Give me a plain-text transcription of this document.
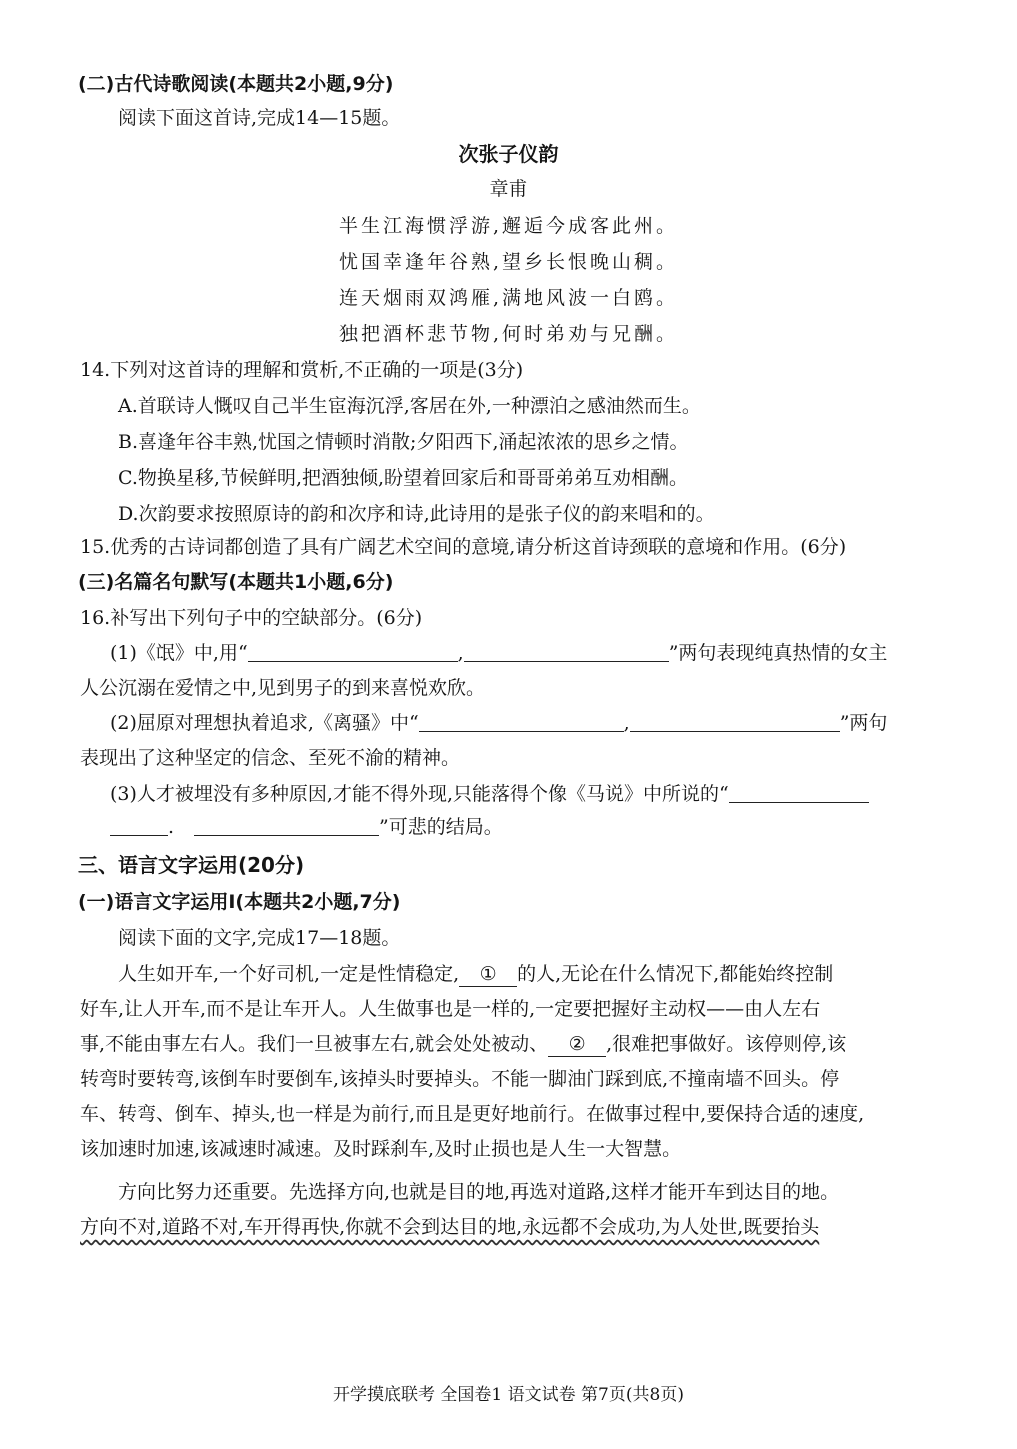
(二)古代诗歌阅读(本题共2小题,9分)
阅读下面这首诗,完成14—15题。
次张子仪韵
章甫
半生江海惯浮游,邂逅今成客此州。
忧国幸逢年谷熟,望乡长恨晚山稠。
连天烟雨双鸿雁,满地风波一白鸥。
独把酒杯悲节物,何时弟劝与兄酬。
14.下列对这首诗的理解和赏析,不正确的一项是(3分)
A.首联诗人慨叹自己半生宦海沉浮,客居在外,一种漂泊之感油然而生。
B.喜逢年谷丰熟,忧国之情顿时消散;夕阳西下,涌起浓浓的思乡之情。
C.物换星移,节候鲜明,把酒独倾,盼望着回家后和哥哥弟弟互劝相酬。
D.次韵要求按照原诗的韵和次序和诗,此诗用的是张子仪的韵来唱和的。
15.优秀的古诗词都创造了具有广阔艺术空间的意境,请分析这首诗颈联的意境和作用。(6分)
(三)名篇名句默写(本题共1小题,6分)
16.补写出下列句子中的空缺部分。(6分)
(1)《氓》中,用“	,	”两句表现纯真热情的女主
人公沉溺在爱情之中,见到男子的到来喜悦欢欣。
(2)屈原对理想执着追求,《离骚》中“	,	”两句
表现出了这种坚定的信念、至死不渝的精神。
(3)人才被埋没有多种原因,才能不得外现,只能落得个像《马说》中所说的“
.	”可悲的结局。
三、语言文字运用(20分)
(一)语言文字运用Ⅰ(本题共2小题,7分)
阅读下面的文字,完成17—18题。
人生如开车,一个好司机,一定是性情稳定, ① 的人,无论在什么情况下,都能始终控制
好车,让人开车,而不是让车开人。人生做事也是一样的,一定要把握好主动权——由人左右
事,不能由事左右人。我们一旦被事左右,就会处处被动、 ② ,很难把事做好。该停则停,该
转弯时要转弯,该倒车时要倒车,该掉头时要掉头。不能一脚油门踩到底,不撞南墙不回头。停
车、转弯、倒车、掉头,也一样是为前行,而且是更好地前行。在做事过程中,要保持合适的速度,
该加速时加速,该减速时减速。及时踩刹车,及时止损也是人生一大智慧。
方向比努力还重要。先选择方向,也就是目的地,再选对道路,这样才能开车到达目的地。
方向不对,道路不对,车开得再快,你就不会到达目的地,永远都不会成功,为人处世,既要抬头
开学摸底联考 全国卷1 语文试卷 第7页(共8页)
